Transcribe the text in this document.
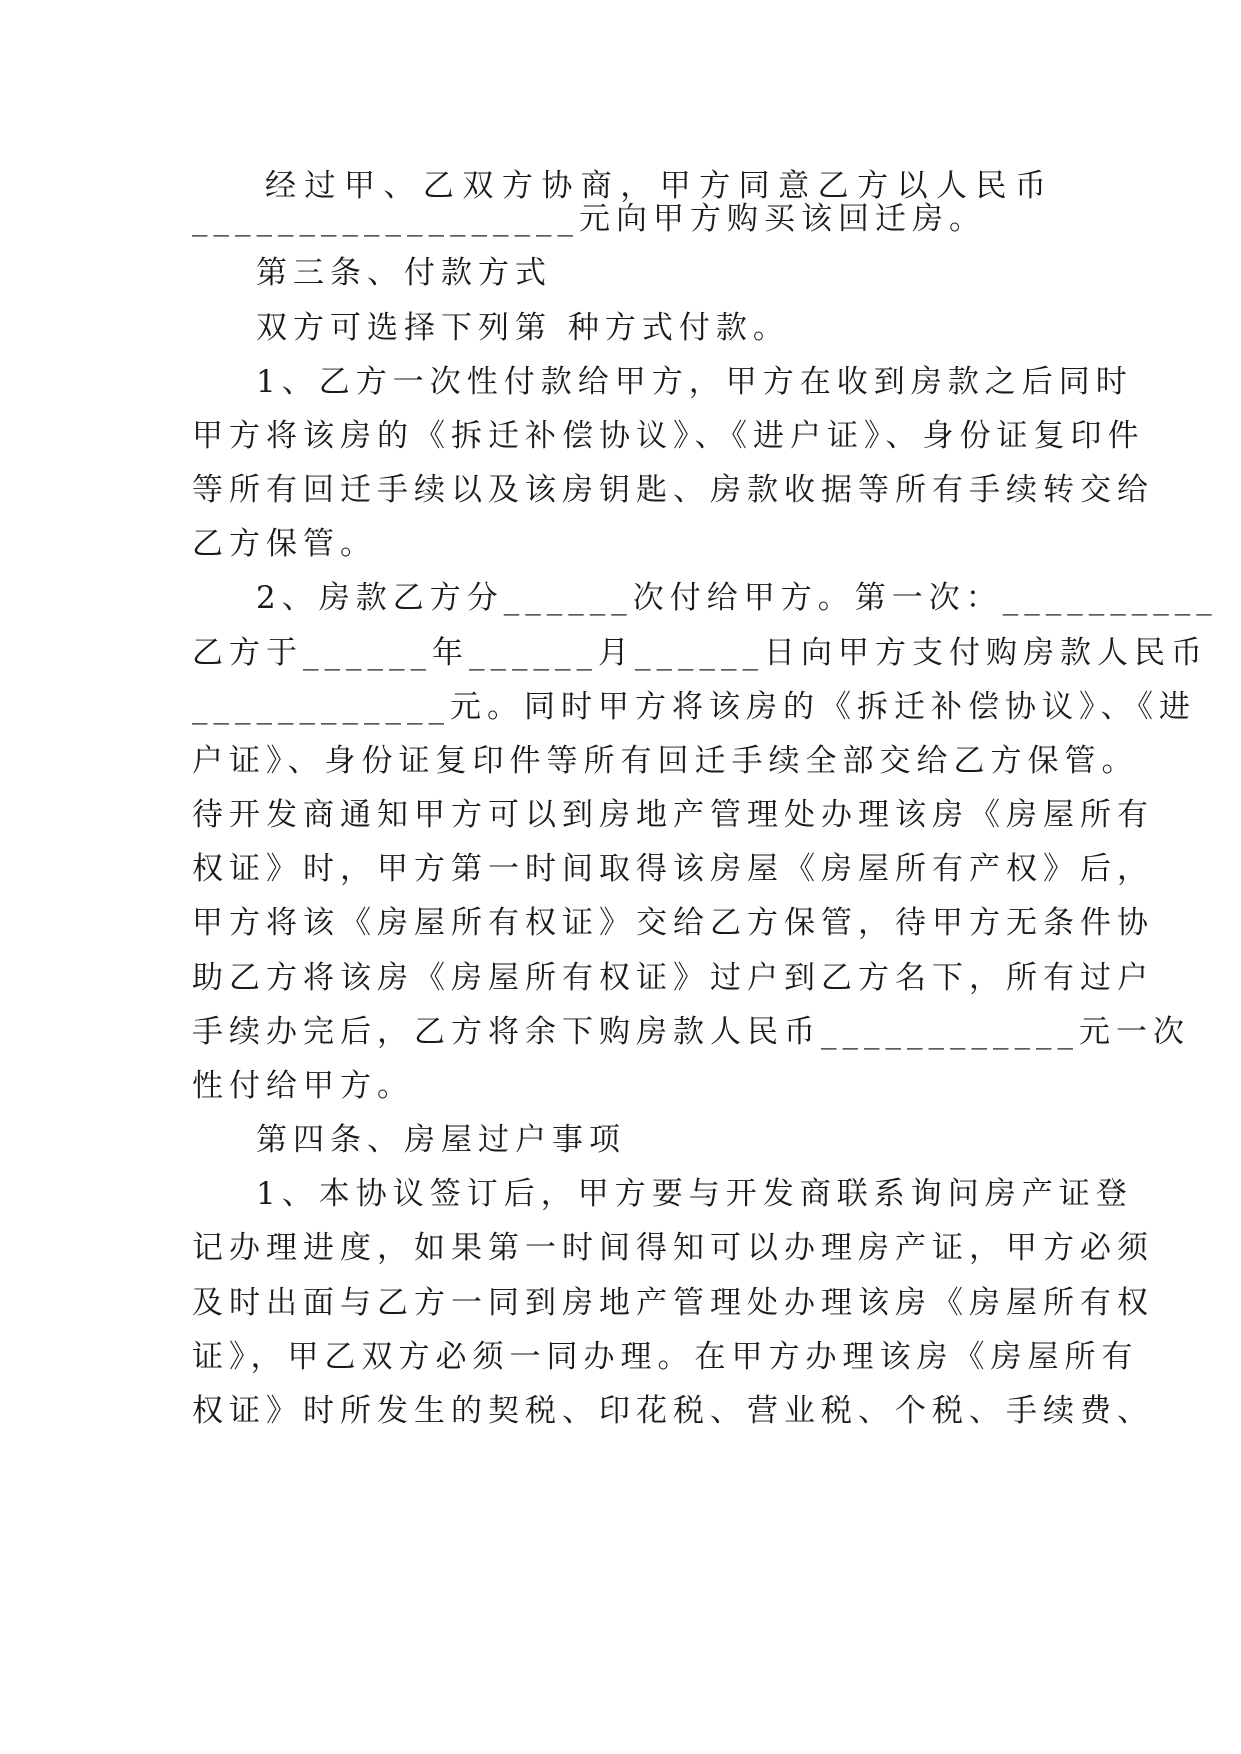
经过甲、乙双方协商，甲方同意乙方以人民币
__________________元向甲方购买该回迁房。
第三条、付款方式
双方可选择下列第 种方式付款。
1、乙方一次性付款给甲方，甲方在收到房款之后同时
甲方将该房的《拆迁补偿协议》、《进户证》、身份证复印件
等所有回迁手续以及该房钥匙、房款收据等所有手续转交给
乙方保管。
2、房款乙方分______次付给甲方。第一次：__________
乙方于______年______月______日向甲方支付购房款人民币
____________元。同时甲方将该房的《拆迁补偿协议》、《进
户证》、身份证复印件等所有回迁手续全部交给乙方保管。
待开发商通知甲方可以到房地产管理处办理该房《房屋所有
权证》时，甲方第一时间取得该房屋《房屋所有产权》后，
甲方将该《房屋所有权证》交给乙方保管，待甲方无条件协
助乙方将该房《房屋所有权证》过户到乙方名下，所有过户
手续办完后，乙方将余下购房款人民币____________元一次
性付给甲方。
第四条、房屋过户事项
1、本协议签订后，甲方要与开发商联系询问房产证登
记办理进度，如果第一时间得知可以办理房产证，甲方必须
及时出面与乙方一同到房地产管理处办理该房《房屋所有权
证》，甲乙双方必须一同办理。在甲方办理该房《房屋所有
权证》时所发生的契税、印花税、营业税、个税、手续费、
